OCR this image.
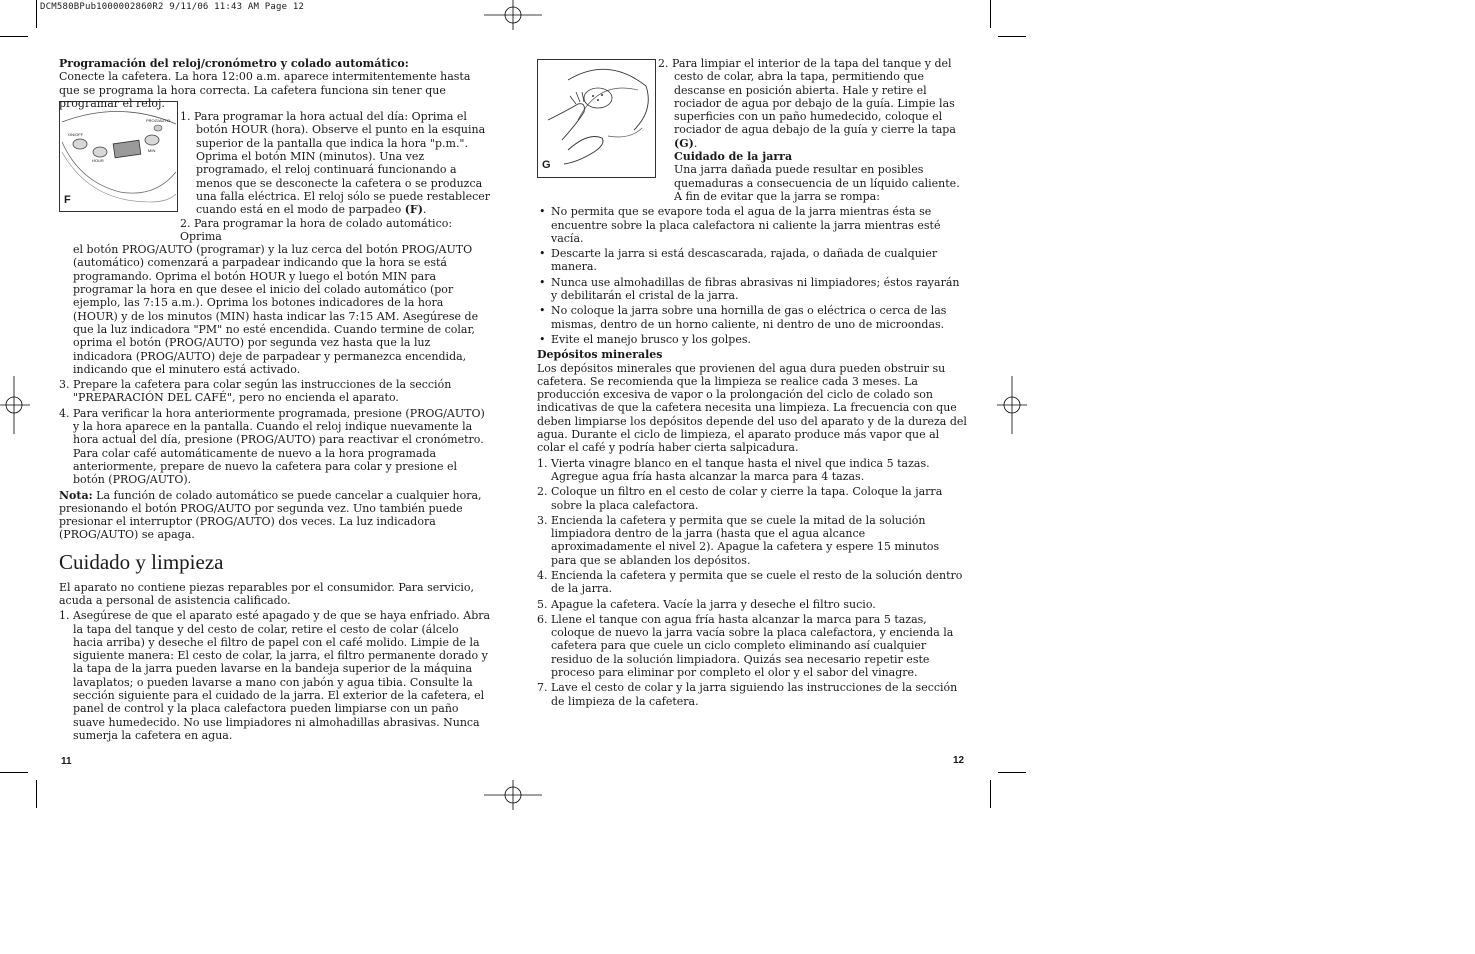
DCM580BPub1000002860R2 9/11/06 11:43 AM Page 12
ON/OFF
HOUR
MIN
PROG/AUTO
F
G

Programación del reloj/cronómetro y colado automático:

Conecte la cafetera. La hora 12:00 a.m. aparece intermitentemente hasta que se programa la hora correcta. La cafetera funciona sin tener que programar el reloj.

1. Para programar la hora actual del día: Oprima el botón HOUR (hora). Observe el punto en la esquina superior de la pantalla que indica la hora "p.m.". Oprima el botón MIN (minutos). Una vez programado, el reloj continuará funcionando a menos que se desconecte la cafetera o se produzca una falla eléctrica. El reloj sólo se puede restablecer cuando está en el modo de parpadeo (F).

2. Para programar la hora de colado automático: Oprima

el botón PROG/AUTO (programar) y la luz cerca del botón PROG/AUTO (automático) comenzará a parpadear indicando que la hora se está programando. Oprima el botón HOUR y luego el botón MIN para programar la hora en que desee el inicio del colado automático (por ejemplo, las 7:15 a.m.). Oprima los botones indicadores de la hora (HOUR) y de los minutos (MIN) hasta indicar las 7:15 AM. Asegúrese de que la luz indicadora "PM" no esté encendida. Cuando termine de colar, oprima el botón (PROG/AUTO) por segunda vez hasta que la luz indicadora (PROG/AUTO) deje de parpadear y permanezca encendida, indicando que el minutero está activado.

3. Prepare la cafetera para colar según las instrucciones de la sección "PREPARACIÓN DEL CAFÉ", pero no encienda el aparato.

4. Para verificar la hora anteriormente programada, presione (PROG/AUTO) y la hora aparece en la pantalla. Cuando el reloj indique nuevamente la hora actual del día, presione (PROG/AUTO) para reactivar el cronómetro. Para colar café automáticamente de nuevo a la hora programada anteriormente, prepare de nuevo la cafetera para colar y presione el botón (PROG/AUTO).

Nota: La función de colado automático se puede cancelar a cualquier hora, presionando el botón PROG/AUTO por segunda vez. Uno también puede presionar el interruptor (PROG/AUTO) dos veces. La luz indicadora (PROG/AUTO) se apaga.

Cuidado y limpieza

El aparato no contiene piezas reparables por el consumidor. Para servicio, acuda a personal de asistencia calificado.

1. Asegúrese de que el aparato esté apagado y de que se haya enfriado. Abra la tapa del tanque y del cesto de colar, retire el cesto de colar (álcelo hacia arriba) y deseche el filtro de papel con el café molido. Limpie de la siguiente manera: El cesto de colar, la jarra, el filtro permanente dorado y la tapa de la jarra pueden lavarse en la bandeja superior de la máquina lavaplatos; o pueden lavarse a mano con jabón y agua tibia. Consulte la sección siguiente para el cuidado de la jarra. El exterior de la cafetera, el panel de control y la placa calefactora pueden limpiarse con un paño suave humedecido. No use limpiadores ni almohadillas abrasivas. Nunca sumerja la cafetera en agua.

2. Para limpiar el interior de la tapa del tanque y del cesto de colar, abra la tapa, permitiendo que descanse en posición abierta. Hale y retire el rociador de agua por debajo de la guía. Limpie las superficies con un paño humedecido, coloque el rociador de agua debajo de la guía y cierre la tapa (G).

Cuidado de la jarra

Una jarra dañada puede resultar en posibles quemaduras a consecuencia de un líquido caliente. A fin de evitar que la jarra se rompa:

• No permita que se evapore toda el agua de la jarra mientras ésta se encuentre sobre la placa calefactora ni caliente la jarra mientras esté vacía.
• Descarte la jarra si está descascarada, rajada, o dañada de cualquier manera.
• Nunca use almohadillas de fibras abrasivas ni limpiadores; éstos rayarán y debilitarán el cristal de la jarra.
• No coloque la jarra sobre una hornilla de gas o eléctrica o cerca de las mismas, dentro de un horno caliente, ni dentro de uno de microondas.
• Evite el manejo brusco y los golpes.

Depósitos minerales

Los depósitos minerales que provienen del agua dura pueden obstruir su cafetera. Se recomienda que la limpieza se realice cada 3 meses. La producción excesiva de vapor o la prolongación del ciclo de colado son indicativas de que la cafetera necesita una limpieza. La frecuencia con que deben limpiarse los depósitos depende del uso del aparato y de la dureza del agua. Durante el ciclo de limpieza, el aparato produce más vapor que al colar el café y podría haber cierta salpicadura.

1. Vierta vinagre blanco en el tanque hasta el nivel que indica 5 tazas. Agregue agua fría hasta alcanzar la marca para 4 tazas.
2. Coloque un filtro en el cesto de colar y cierre la tapa. Coloque la jarra sobre la placa calefactora.
3. Encienda la cafetera y permita que se cuele la mitad de la solución limpiadora dentro de la jarra (hasta que el agua alcance aproximadamente el nivel 2). Apague la cafetera y espere 15 minutos para que se ablanden los depósitos.
4. Encienda la cafetera y permita que se cuele el resto de la solución dentro de la jarra.
5. Apague la cafetera. Vacíe la jarra y deseche el filtro sucio.
6. Llene el tanque con agua fría hasta alcanzar la marca para 5 tazas, coloque de nuevo la jarra vacía sobre la placa calefactora, y encienda la cafetera para que cuele un ciclo completo eliminando así cualquier residuo de la solución limpiadora. Quizás sea necesario repetir este proceso para eliminar por completo el olor y el sabor del vinagre.
7. Lave el cesto de colar y la jarra siguiendo las instrucciones de la sección de limpieza de la cafetera.
11	12
